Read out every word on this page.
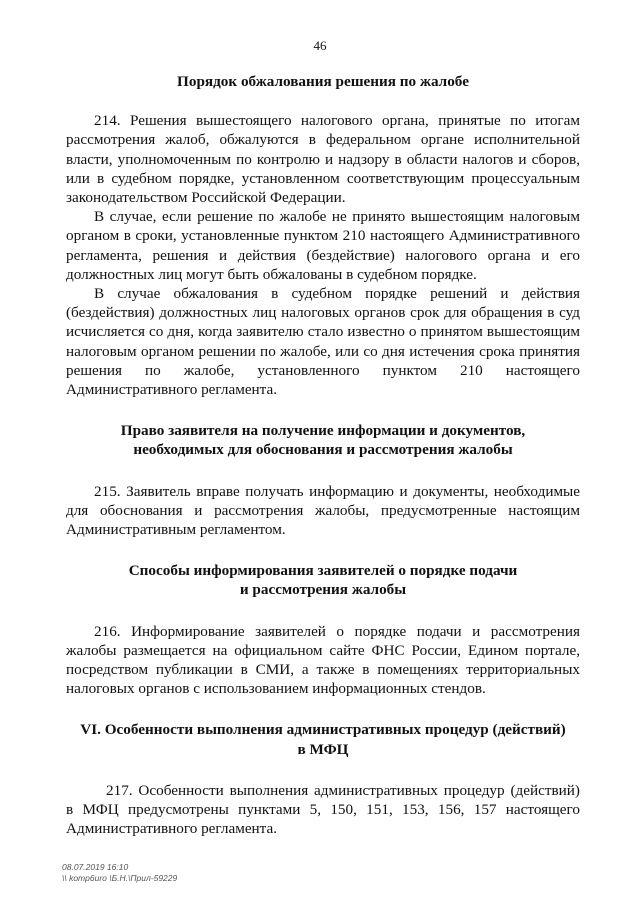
46

Порядок обжалования решения по жалобе

214. Решения вышестоящего налогового органа, принятые по итогам рассмотрения жалоб, обжалуются в федеральном органе исполнительной власти, уполномоченным по контролю и надзору в области налогов и сборов, или в судебном порядке, установленном соответствующим процессуальным законодательством Российской Федерации.

В случае, если решение по жалобе не принято вышестоящим налоговым органом в сроки, установленные пунктом 210 настоящего Административного регламента, решения и действия (бездействие) налогового органа и его должностных лиц могут быть обжалованы в судебном порядке.

В случае обжалования в судебном порядке решений и действия (бездействия) должностных лиц налоговых органов срок для обращения в суд исчисляется со дня, когда заявителю стало известно о принятом вышестоящим налоговым органом решении по жалобе, или со дня истечения срока принятия решения по жалобе, установленного пунктом 210 настоящего Административного регламента.

Право заявителя на получение информации и документов,

необходимых для обоснования и рассмотрения жалобы

215. Заявитель вправе получать информацию и документы, необходимые для обоснования и рассмотрения жалобы, предусмотренные настоящим Административным регламентом.

Способы информирования заявителей о порядке подачи

и рассмотрения жалобы

216. Информирование заявителей о порядке подачи и рассмотрения жалобы размещается на официальном сайте ФНС России, Едином портале, посредством публикации в СМИ, а также в помещениях территориальных налоговых органов с использованием информационных стендов.

VI. Особенности выполнения административных процедур (действий)

в МФЦ

217. Особенности выполнения административных процедур (действий) в МФЦ предусмотрены пунктами 5, 150, 151, 153, 156, 157 настоящего Административного регламента.

08.07.2019 16:10
\\ komp6uro \Б.Н.\Прил-59229
